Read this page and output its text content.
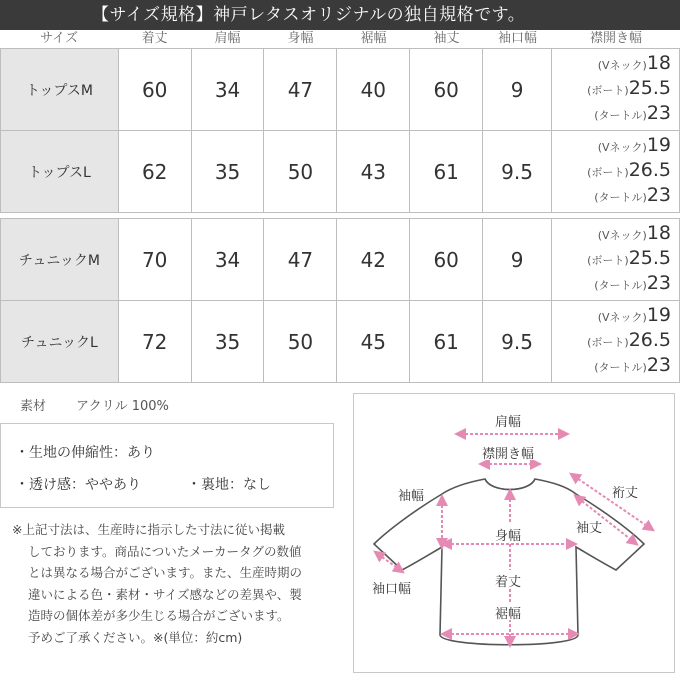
【サイズ規格】神戸レタスオリジナルの独自規格です。
サイズ	着丈	肩幅	身幅	裾幅	袖丈	袖口幅	襟開き幅
トップスM	60	34	47	40	60	9	(Vネック)18
(ボート)25.5
(タートル)23

トップスL	62	35	50	43	61	9.5	(Vネック)19
(ボート)26.5
(タートル)23

チュニックM	70	34	47	42	60	9	(Vネック)18
(ボート)25.5
(タートル)23

チュニックL	72	35	50	45	61	9.5	(Vネック)19
(ボート)26.5
(タートル)23
素材 アクリル 100%
・生地の伸縮性：あり
・透け感：ややあり	・裏地：なし
※上記寸法は、生産時に指示した寸法に従い掲載
しております。商品についたメーカータグの数値
とは異なる場合がございます。また、生産時期の
違いによる色・素材・サイズ感などの差異や、製
造時の個体差が多少生じる場合がございます。
予めご了承ください。※(単位：約cm)
肩幅
襟開き幅
裄丈
袖幅
袖丈
身幅
袖口幅	着丈
裾幅
